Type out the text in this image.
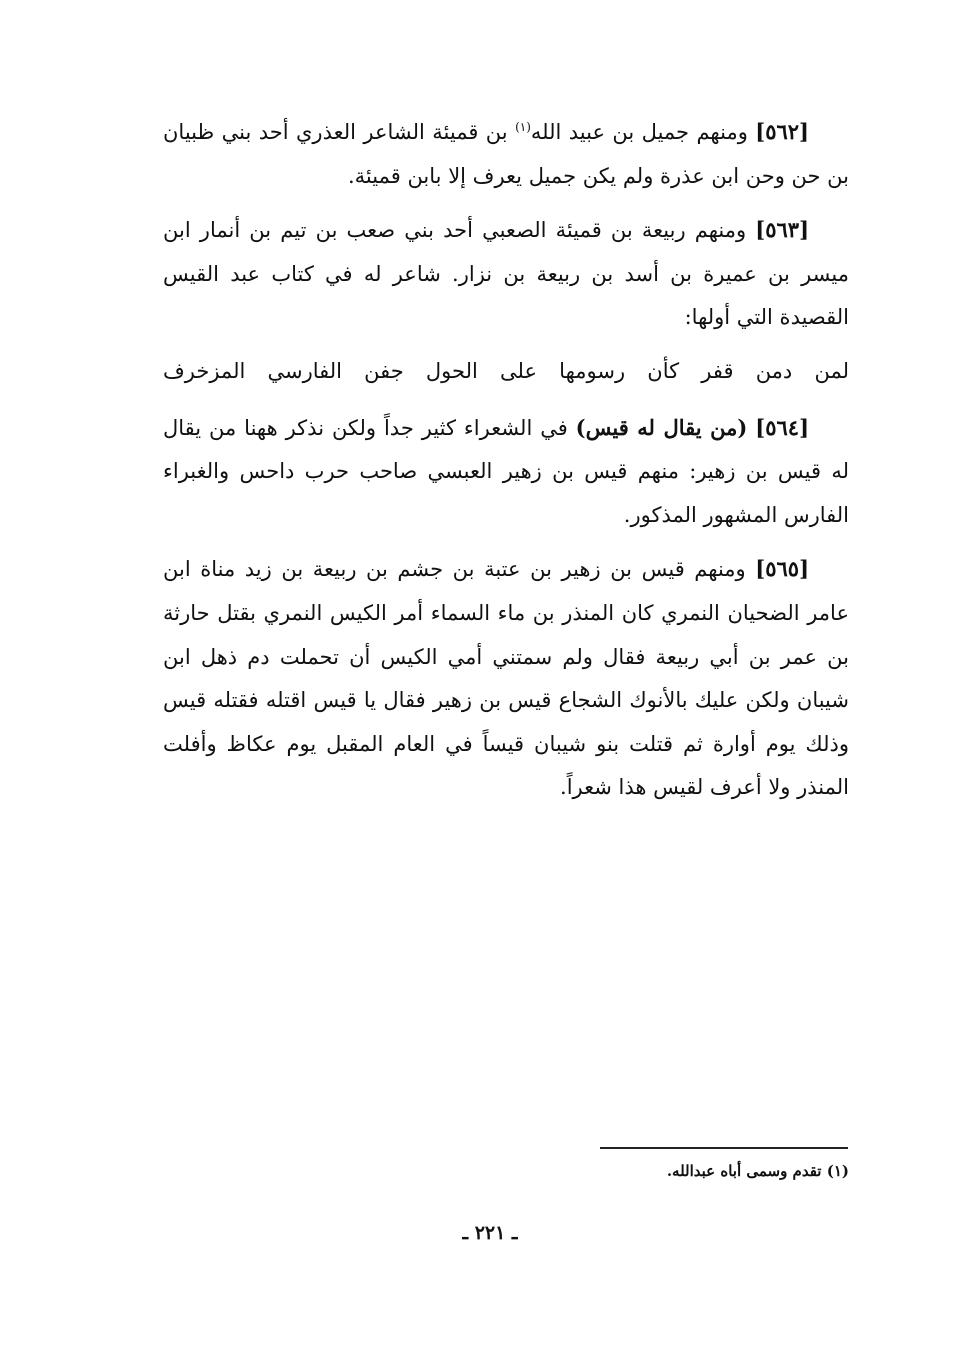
[٥٦٢] ومنهم جميل بن عبيد الله$^{(١)}$ بن قميئة الشاعر العذري أحد بني ظبيان بن حن وحن ابن عذرة ولم يكن جميل يعرف إلا بابن قميئة.

[٥٦٣] ومنهم ربيعة بن قميئة الصعبي أحد بني صعب بن تيم بن أنمار ابن ميسر بن عميرة بن أسد بن ربيعة بن نزار. شاعر له في كتاب عبد القيس القصيدة التي أولها:

لمن دمن قفر كأن رسومها على الحول جفن الفارسي المزخرف

[٥٦٤] (من يقال له قيس) في الشعراء كثير جداً ولكن نذكر ههنا من يقال له قيس بن زهير: منهم قيس بن زهير العبسي صاحب حرب داحس والغبراء الفارس المشهور المذكور.

[٥٦٥] ومنهم قيس بن زهير بن عتبة بن جشم بن ربيعة بن زيد مناة ابن عامر الضحيان النمري كان المنذر بن ماء السماء أمر الكيس النمري بقتل حارثة بن عمر بن أبي ربيعة فقال ولم سمتني أمي الكيس أن تحملت دم ذهل ابن شيبان ولكن عليك بالأنوك الشجاع قيس بن زهير فقال يا قيس اقتله فقتله قيس وذلك يوم أوارة ثم قتلت بنو شيبان قيساً في العام المقبل يوم عكاظ وأفلت المنذر ولا أعرف لقيس هذا شعراً.

(١) تقدم وسمى أباه عبدالله.
ـ ٢٢١ ـ
